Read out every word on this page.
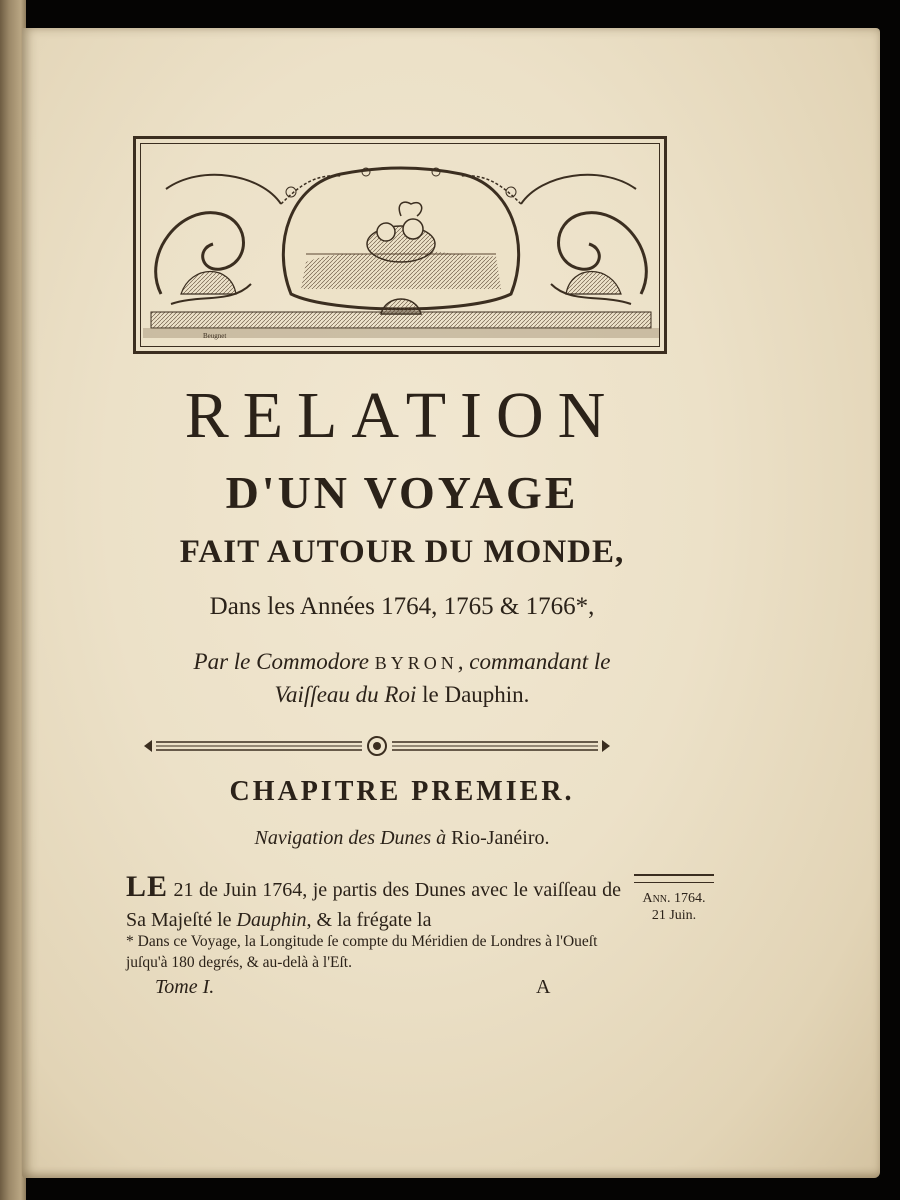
Beugnet
RELATION
D'UN VOYAGE
FAIT AUTOUR DU MONDE,

Dans les Années 1764, 1765 & 1766*,

Par le Commodore BYRON, commandant le
Vaiſſeau du Roi le Dauphin.

CHAPITRE PREMIER.

Navigation des Dunes à Rio-Janéiro.

LE 21 de Juin 1764, je partis des Dunes avec le vaiſſeau de Sa Majeſté le Dauphin, & la frégate la
Ann. 1764.
21 Juin.
* Dans ce Voyage, la Longitude ſe compte du Méridien de Londres à l'Oueſt juſqu'à 180 degrés, & au-delà à l'Eſt.
Tome I.	A
